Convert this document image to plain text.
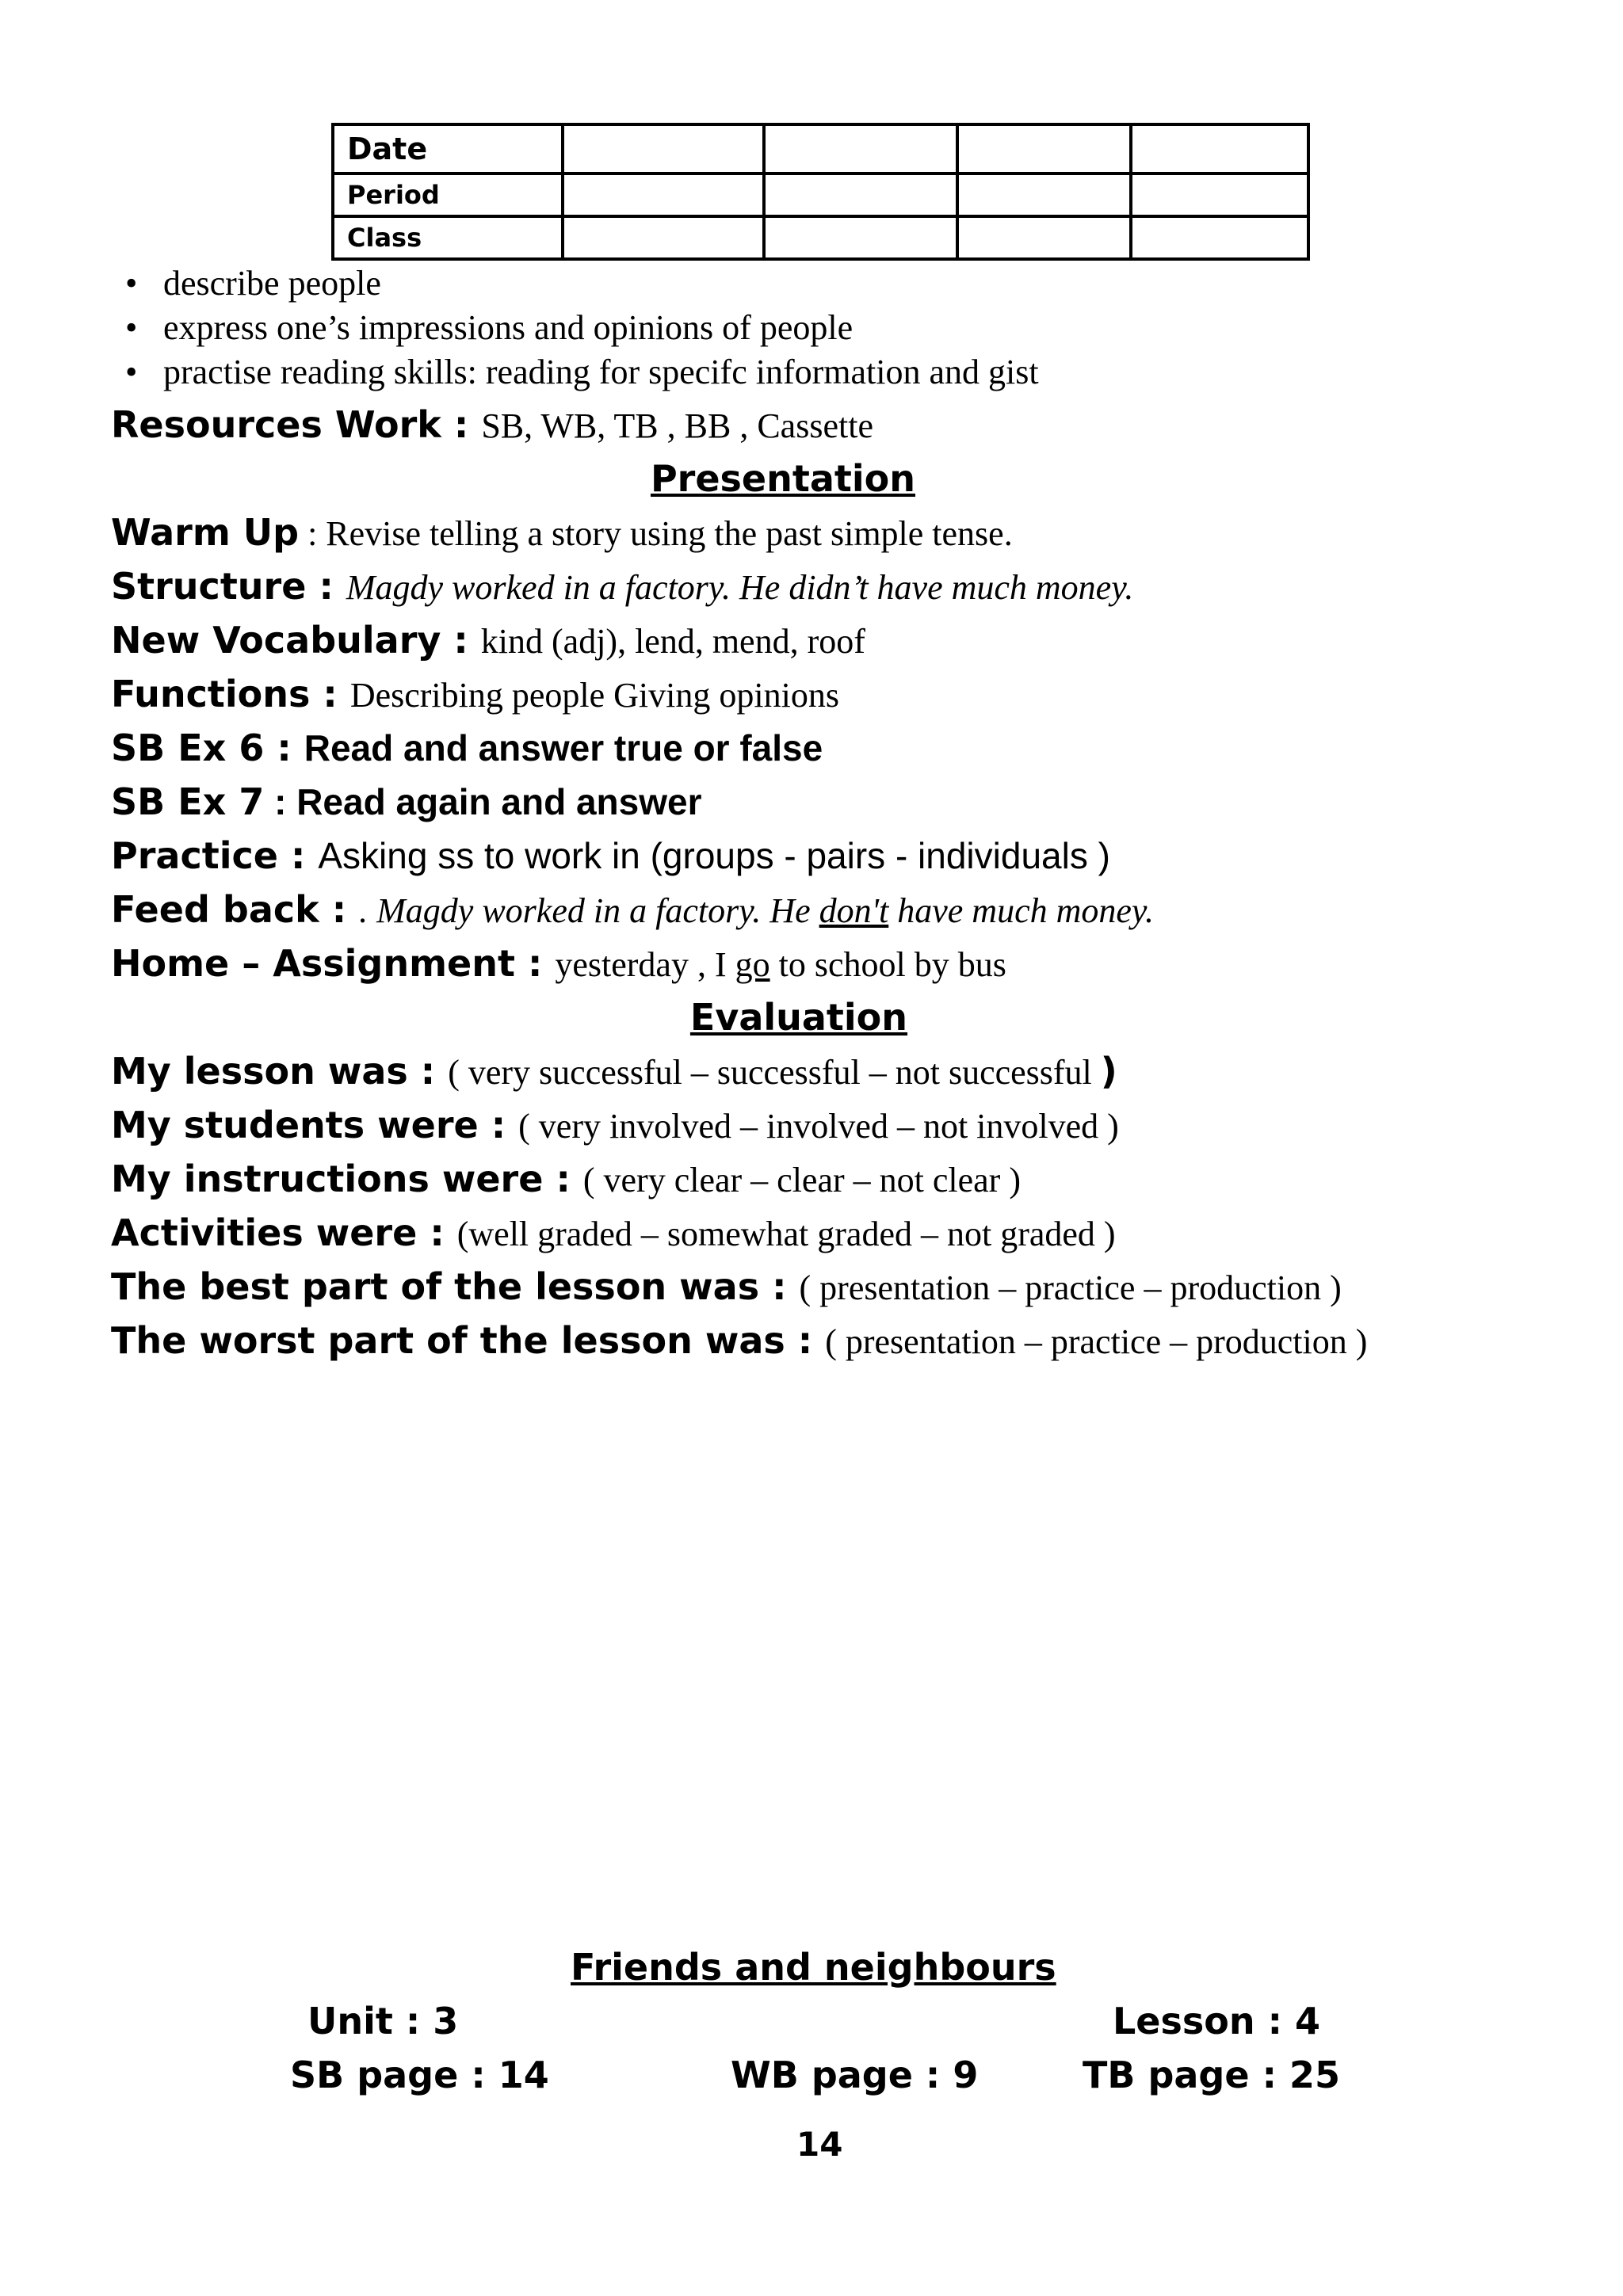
Date				
Period				
Class				
• describe people
• express one’s impressions and opinions of people
• practise reading skills: reading for specifc information and gist
Resources Work : SB, WB, TB , BB , Cassette
Presentation
Warm Up : Revise telling a story using the past simple tense.
Structure : Magdy worked in a factory. He didn’t have much money.
New Vocabulary : kind (adj), lend, mend, roof
Functions : Describing people Giving opinions
SB Ex 6 : Read and answer true or false
SB Ex 7 : Read again and answer
Practice : Asking ss to work in (groups - pairs - individuals )
Feed back : . Magdy worked in a factory. He don't have much money.
Home – Assignment : yesterday , I go to school by bus
Evaluation
My lesson was : ( very successful – successful – not successful )
My students were : ( very involved – involved – not involved )
My instructions were : ( very clear – clear – not clear )
Activities were : (well graded – somewhat graded – not graded )
The best part of the lesson was : ( presentation – practice – production )
The worst part of the lesson was : ( presentation – practice – production )
Friends and neighbours
Unit : 3	Lesson : 4
SB page : 14	WB page : 9	TB page : 25
14
